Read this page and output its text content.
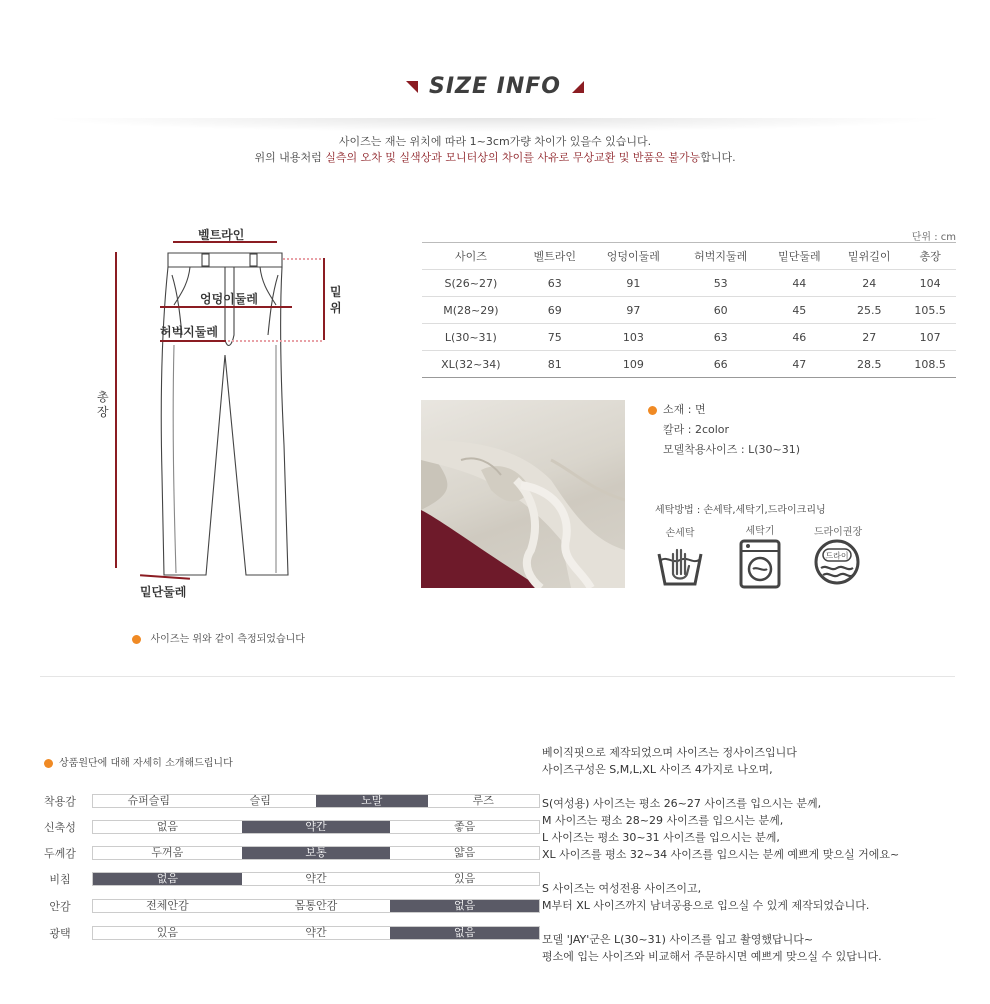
SIZE INFO
사이즈는 재는 위치에 따라 1~3cm가량 차이가 있을수 있습니다.
위의 내용처럼 실측의 오차 및 실색상과 모니터상의 차이를 사유로 무상교환 및 반품은 불가능합니다.
벨트라인
엉덩이둘레
허벅지둘레
밑
위
총
장
밑단둘레
사이즈는 위와 같이 측정되었습니다
단위 : cm
사이즈	벨트라인	엉덩이둘레	허벅지둘레	밑단둘레	밑위길이	총장
S(26~27)	63	91	53	44	24	104
M(28~29)	69	97	60	45	25.5	105.5
L(30~31)	75	103	63	46	27	107
XL(32~34)	81	109	66	47	28.5	108.5
소재 : 면
칼라 : 2color
모델착용사이즈 : L(30~31)
세탁방법 : 손세탁,세탁기,드라이크리닝
손세탁	세탁기	드라이권장
드라이
상품원단에 대해 자세히 소개해드립니다
착용감	슈퍼슬림	슬림	노말	루즈
신축성	없음	약간	좋음
두께감	두꺼움	보통	얇음
비침	없음	약간	있음
안감	전체안감	몸통안감	없음
광택	있음	약간	없음
베이직핏으로 제작되었으며 사이즈는 정사이즈입니다
사이즈구성은 S,M,L,XL 사이즈 4가지로 나오며,
S(여성용) 사이즈는 평소 26~27 사이즈를 입으시는 분께,
M 사이즈는 평소 28~29 사이즈를 입으시는 분께,
L 사이즈는 평소 30~31 사이즈를 입으시는 분께,
XL 사이즈를 평소 32~34 사이즈를 입으시는 분께 예쁘게 맞으실 거에요~
S 사이즈는 여성전용 사이즈이고,
M부터 XL 사이즈까지 남녀공용으로 입으실 수 있게 제작되었습니다.
모델 'JAY'군은 L(30~31) 사이즈를 입고 촬영했답니다~
평소에 입는 사이즈와 비교해서 주문하시면 예쁘게 맞으실 수 있답니다.
